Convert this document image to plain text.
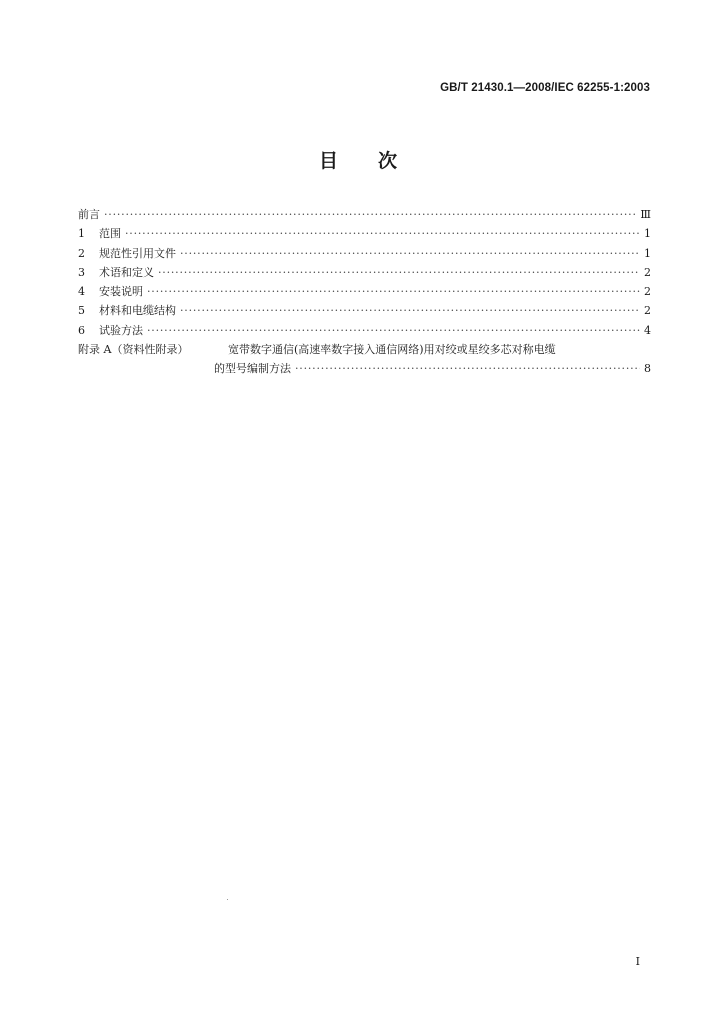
GB/T 21430.1—2008/IEC 62255-1:2003
目 次
前言 ·····	Ⅲ
1	范围 ·····	1
2	规范性引用文件 ·····	1
3	术语和定义 ·····	2
4	安装说明 ·····	2
5	材料和电缆结构 ·····	2
6	试验方法 ·····	4
附录 A（资料性附录）	宽带数字通信(高速率数字接入通信网络)用对绞或星绞多芯对称电缆
的型号编制方法 ·····	8
I
